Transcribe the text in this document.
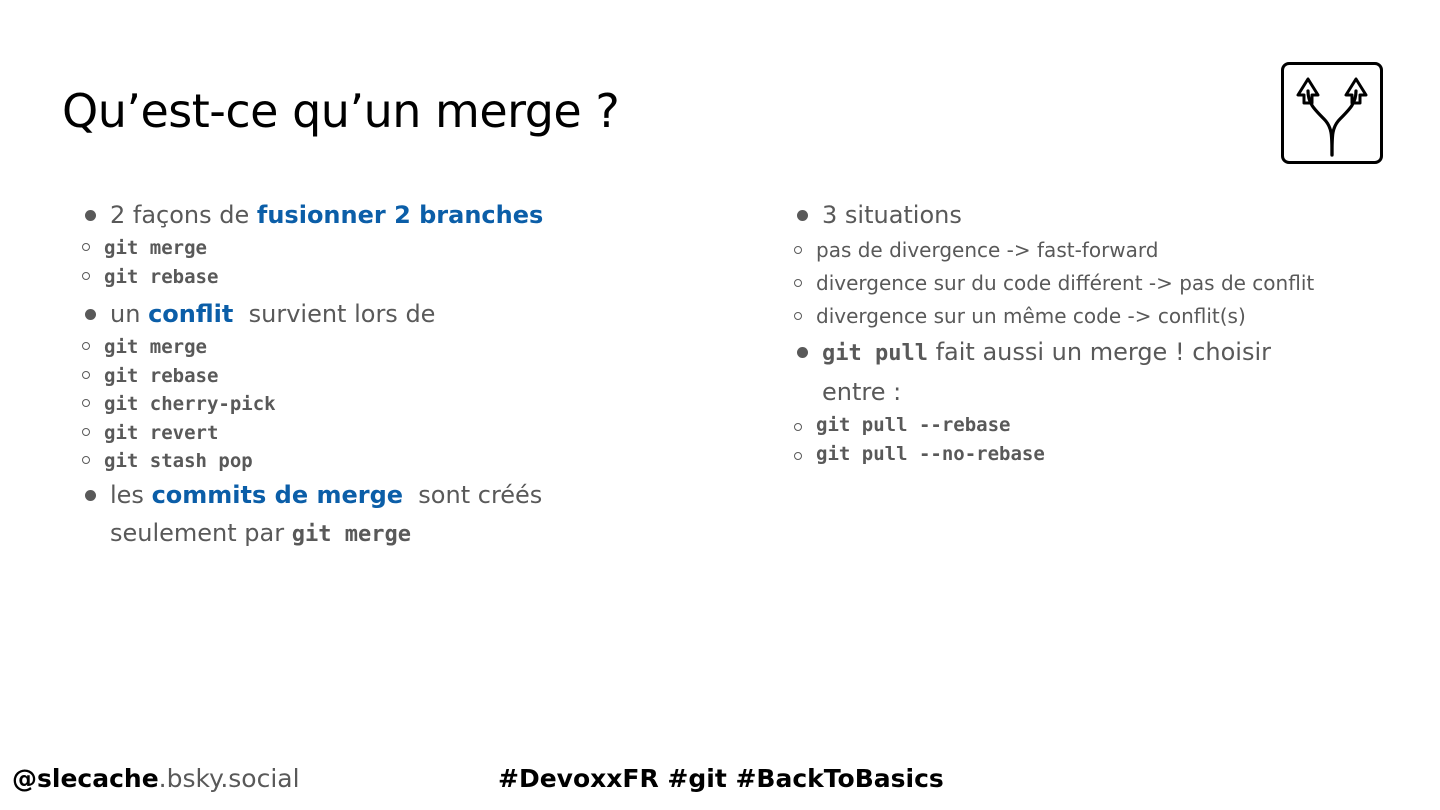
Qu’est-ce qu’un merge ?
2 façons de fusionner 2 branches
git merge
git rebase
un conflit  survient lors de
git merge
git rebase
git cherry-pick
git revert
git stash pop
les commits de merge  sont créés seulement par git merge
3 situations
pas de divergence -> fast-forward
divergence sur du code différent -> pas de conflit
divergence sur un même code -> conflit(s)
git pull fait aussi un merge ! choisir entre :
git pull --rebase
git pull --no-rebase
@slecache.bsky.social	#DevoxxFR #git #BackToBasics
